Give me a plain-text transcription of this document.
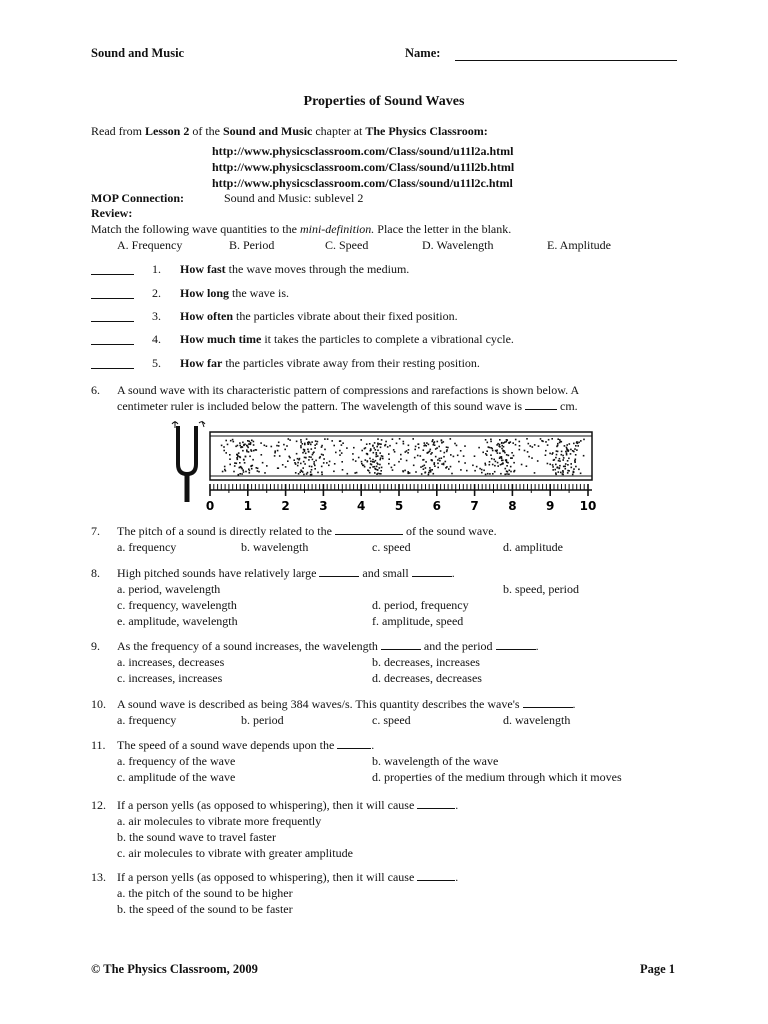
Sound and Music	Name:
Properties of Sound Waves
Read from Lesson 2 of the Sound and Music chapter at The Physics Classroom:
http://www.physicsclassroom.com/Class/sound/u11l2a.html
http://www.physicsclassroom.com/Class/sound/u11l2b.html
http://www.physicsclassroom.com/Class/sound/u11l2c.html
MOP Connection:	Sound and Music: sublevel 2
Review:
Match the following wave quantities to the mini-definition. Place the letter in the blank.
A. Frequency	B. Period	C. Speed	D. Wavelength	E. Amplitude
1. How fast the wave moves through the medium.
2. How long the wave is.
3. How often the particles vibrate about their fixed position.
4. How much time it takes the particles to complete a vibrational cycle.
5. How far the particles vibrate away from their resting position.
6. A sound wave with its characteristic pattern of compressions and rarefactions is shown below. A
centimeter ruler is included below the pattern. The wavelength of this sound wave is	cm.
0 1 2 3 4 5 6 7 8 9 10
7. The pitch of a sound is directly related to the	of the sound wave.
a. frequency	b. wavelength	c. speed	d. amplitude
8. High pitched sounds have relatively large	and small	.
a. period, wavelength	b. speed, period
c. frequency, wavelength	d. period, frequency
e. amplitude, wavelength	f. amplitude, speed
9. As the frequency of a sound increases, the wavelength	and the period	.
a. increases, decreases	b. decreases, increases
c. increases, increases	d. decreases, decreases
10. A sound wave is described as being 384 waves/s. This quantity describes the wave's	.
a. frequency	b. period	c. speed	d. wavelength
11. The speed of a sound wave depends upon the	.
a. frequency of the wave	b. wavelength of the wave
c. amplitude of the wave	d. properties of the medium through which it moves
12. If a person yells (as opposed to whispering), then it will cause	.
a. air molecules to vibrate more frequently
b. the sound wave to travel faster
c. air molecules to vibrate with greater amplitude
13. If a person yells (as opposed to whispering), then it will cause	.
a. the pitch of the sound to be higher
b. the speed of the sound to be faster
© The Physics Classroom, 2009	Page 1
